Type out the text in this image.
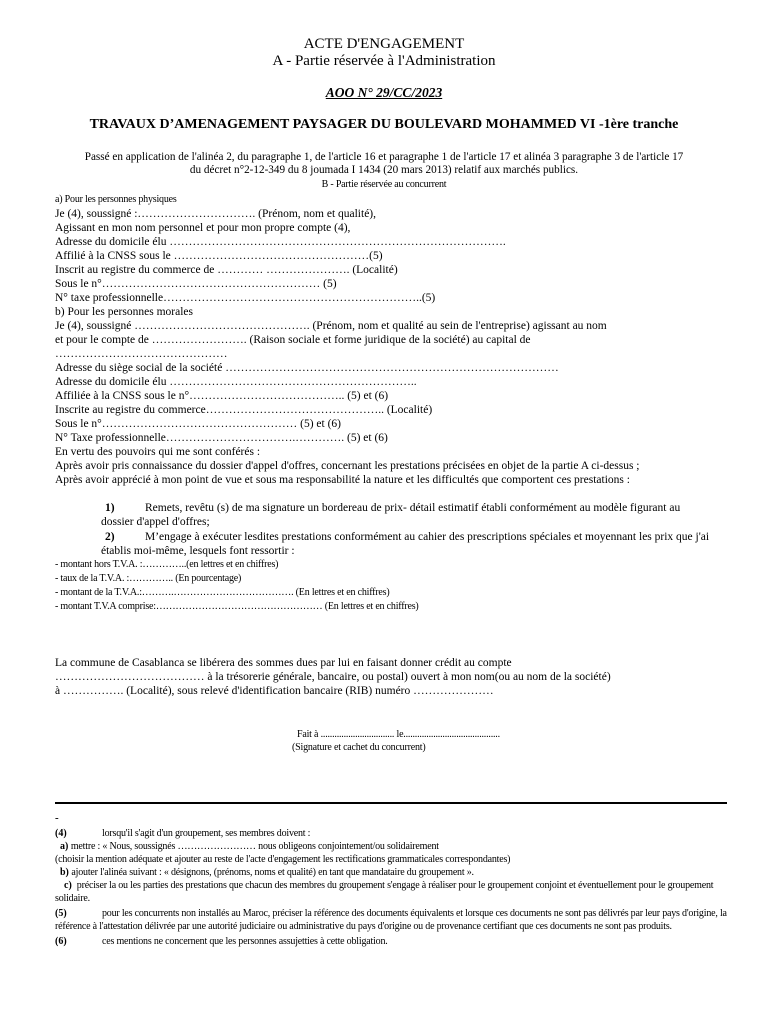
ACTE D'ENGAGEMENT
A - Partie réservée à l'Administration
AOO N° 29/CC/2023
TRAVAUX D’AMENAGEMENT PAYSAGER DU BOULEVARD MOHAMMED VI -1ère tranche
Passé en application de l'alinéa 2, du paragraphe 1, de l'article 16 et paragraphe 1 de l'article 17 et alinéa 3 paragraphe 3 de l'article 17
du décret n°2-12-349 du 8 joumada I 1434 (20 mars 2013) relatif aux marchés publics.
B - Partie réservée au concurrent
a) Pour les personnes physiques

Je (4), soussigné :…………………………. (Prénom, nom et qualité),

Agissant en mon nom personnel et pour mon propre compte (4),

Adresse du domicile élu …………………………………………………………………………….

Affilié à la CNSS sous le ……………………………………………(5)

Inscrit au registre du commerce de ………… …………………. (Localité)

Sous le n°………………………………………………… (5)

N° taxe professionnelle…………………………………………………………..(5)

b) Pour les personnes morales

Je (4), soussigné ………………………………………. (Prénom, nom et qualité au sein de l'entreprise) agissant au nom

et pour le compte de ……………………. (Raison sociale et forme juridique de la société) au capital de

………………………………………

Adresse du siège social de la société ……………………………………………………………………………

Adresse du domicile élu ………………………………………………………..

Affiliée à la CNSS sous le n°………………………………….. (5) et (6)

Inscrite au registre du commerce……………………………………….. (Localité)

Sous le n°…………………………………………… (5) et (6)

N° Taxe professionnelle…………………………….…………. (5) et (6)

En vertu des pouvoirs qui me sont conférés :

Après avoir pris connaissance du dossier d'appel d'offres, concernant les prestations précisées en objet de la partie A ci-dessus ;

Après avoir apprécié à mon point de vue et sous ma responsabilité la nature et les difficultés que comportent ces prestations :

1)	Remets, revêtu (s) de ma signature un bordereau de prix- détail estimatif établi conformément au modèle figurant au dossier d'appel d'offres;
2)	M’engage à exécuter lesdites prestations conformément au cahier des prescriptions spéciales et moyennant les prix que j'ai établis moi-même, lesquels font ressortir :

- montant hors T.V.A. :…………..(en lettres et en chiffres)

- taux de la T.V.A. :………….. (En pourcentage)

- montant de la T.V.A.:……….………………………………. (En lettres et en chiffres)

- montant T.V.A comprise:…………………………………………… (En lettres et en chiffres)

La commune de Casablanca se libérera des sommes dues par lui en faisant donner crédit au compte

………………………………… à la trésorerie générale, bancaire, ou postal) ouvert à mon nom(ou au nom de la société)

à ……………. (Localité), sous relevé d'identification bancaire (RIB) numéro …………………

Fait à ................................ le..........................................
(Signature et cachet du concurrent)
-

(4)	lorsqu'il s'agit d'un groupement, ses membres doivent :

a) mettre : « Nous, soussignés …………………… nous obligeons conjointement/ou solidairement

(choisir la mention adéquate et ajouter au reste de l'acte d'engagement les rectifications grammaticales correspondantes)

b) ajouter l'alinéa suivant : « désignons, (prénoms, noms et qualité) en tant que mandataire du groupement ».

c) préciser la ou les parties des prestations que chacun des membres du groupement s'engage à réaliser pour le groupement conjoint et éventuellement pour le groupement solidaire.

(5)	pour les concurrents non installés au Maroc, préciser la référence des documents équivalents et lorsque ces documents ne sont pas délivrés par leur pays d'origine, la référence à l'attestation délivrée par une autorité judiciaire ou administrative du pays d'origine ou de provenance certifiant que ces documents ne sont pas produits.

(6)	ces mentions ne concernent que les personnes assujetties à cette obligation.
